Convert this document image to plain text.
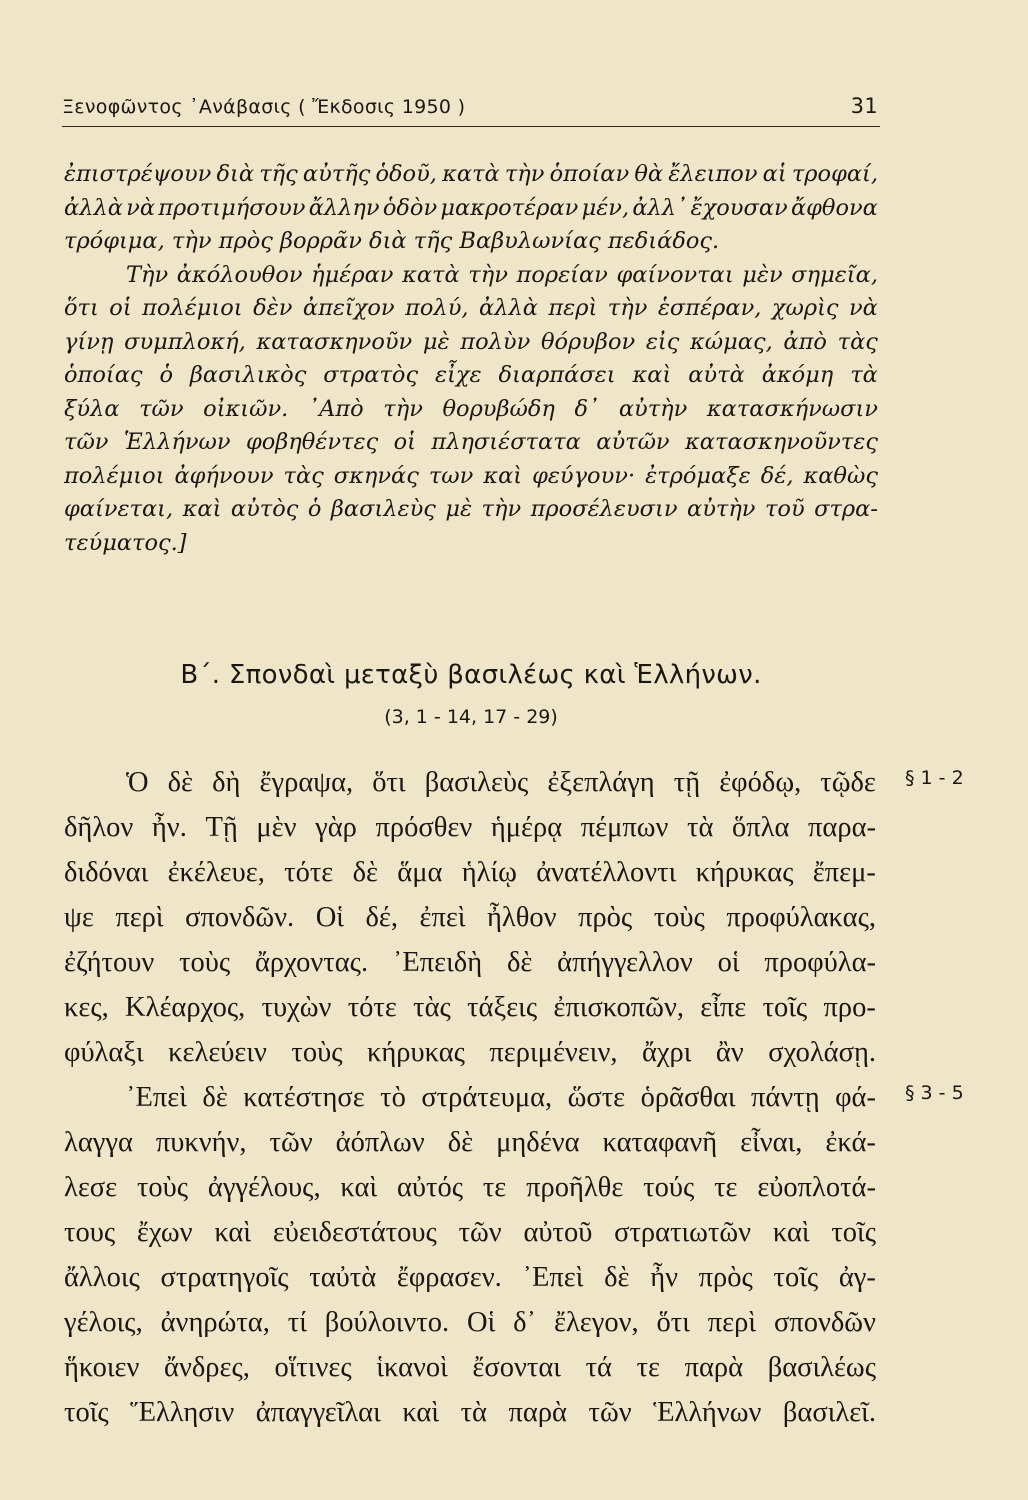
Ξενοφῶντος ᾿Ανάβασις ( Ἔκδοσις 1950 )	31
ἐπιστρέψουν διὰ τῆς αὐτῆς ὁδοῦ, κατὰ τὴν ὁποίαν θὰ ἔλειπον αἱ τροφαί,
ἀλλὰ νὰ προτιμήσουν ἄλλην ὁδὸν μακροτέραν μέν, ἀλλ᾿ ἔχουσαν ἄφθονα
τρόφιμα, τὴν πρὸς βορρᾶν διὰ τῆς Βαβυλωνίας πεδιάδος.
Τὴν ἀκόλουθον ἡμέραν κατὰ τὴν πορείαν φαίνονται μὲν σημεῖα,
ὅτι οἱ πολέμιοι δὲν ἀπεῖχον πολύ, ἀλλὰ περὶ τὴν ἑσπέραν, χωρὶς νὰ
γίνῃ συμπλοκή, κατασκηνοῦν μὲ πολὺν θόρυβον εἰς κώμας, ἀπὸ τὰς
ὁποίας ὁ βασιλικὸς στρατὸς εἶχε διαρπάσει καὶ αὐτὰ ἀκόμη τὰ
ξύλα τῶν οἰκιῶν. ᾿Απὸ τὴν θορυβώδη δ᾿ αὐτὴν κατασκήνωσιν
τῶν Ἑλλήνων φοβηθέντες οἱ πλησιέστατα αὐτῶν κατασκηνοῦντες
πολέμιοι ἀφήνουν τὰς σκηνάς των καὶ φεύγουν· ἐτρόμαξε δέ, καθὼς
φαίνεται, καὶ αὐτὸς ὁ βασιλεὺς μὲ τὴν προσέλευσιν αὐτὴν τοῦ στρα-
τεύματος.]
Β΄. Σπονδαὶ μεταξὺ βασιλέως καὶ Ἑλλήνων.
(3, 1 - 14, 17 - 29)
Ὁ δὲ δὴ ἔγραψα, ὅτι βασιλεὺς ἐξεπλάγη τῇ ἐφόδῳ, τῷδε
δῆλον ἦν. Τῇ μὲν γὰρ πρόσθεν ἡμέρᾳ πέμπων τὰ ὅπλα παρα-
διδόναι ἐκέλευε, τότε δὲ ἅμα ἡλίῳ ἀνατέλλοντι κήρυκας ἔπεμ-
ψε περὶ σπονδῶν. Οἱ δέ, ἐπεὶ ἦλθον πρὸς τοὺς προφύλακας,
ἐζήτουν τοὺς ἄρχοντας. ᾿Επειδὴ δὲ ἀπήγγελλον οἱ προφύλα-
κες, Κλέαρχος, τυχὼν τότε τὰς τάξεις ἐπισκοπῶν, εἶπε τοῖς προ-
φύλαξι κελεύειν τοὺς κήρυκας περιμένειν, ἄχρι ἂν σχολάσῃ.
᾿Επεὶ δὲ κατέστησε τὸ στράτευμα, ὥστε ὁρᾶσθαι πάντῃ φά-
λαγγα πυκνήν, τῶν ἀόπλων δὲ μηδένα καταφανῆ εἶναι, ἐκά-
λεσε τοὺς ἀγγέλους, καὶ αὐτός τε προῆλθε τούς τε εὐοπλοτά-
τους ἔχων καὶ εὐειδεστάτους τῶν αὐτοῦ στρατιωτῶν καὶ τοῖς
ἄλλοις στρατηγοῖς ταὐτὰ ἔφρασεν. ᾿Επεὶ δὲ ἦν πρὸς τοῖς ἀγ-
γέλοις, ἀνηρώτα, τί βούλοιντο. Οἱ δ᾿ ἔλεγον, ὅτι περὶ σπονδῶν
ἥκοιεν ἄνδρες, οἵτινες ἱκανοὶ ἔσονται τά τε παρὰ βασιλέως
τοῖς Ἕλλησιν ἀπαγγεῖλαι καὶ τὰ παρὰ τῶν Ἑλλήνων βασιλεῖ.
§ 1 - 2
§ 3 - 5
